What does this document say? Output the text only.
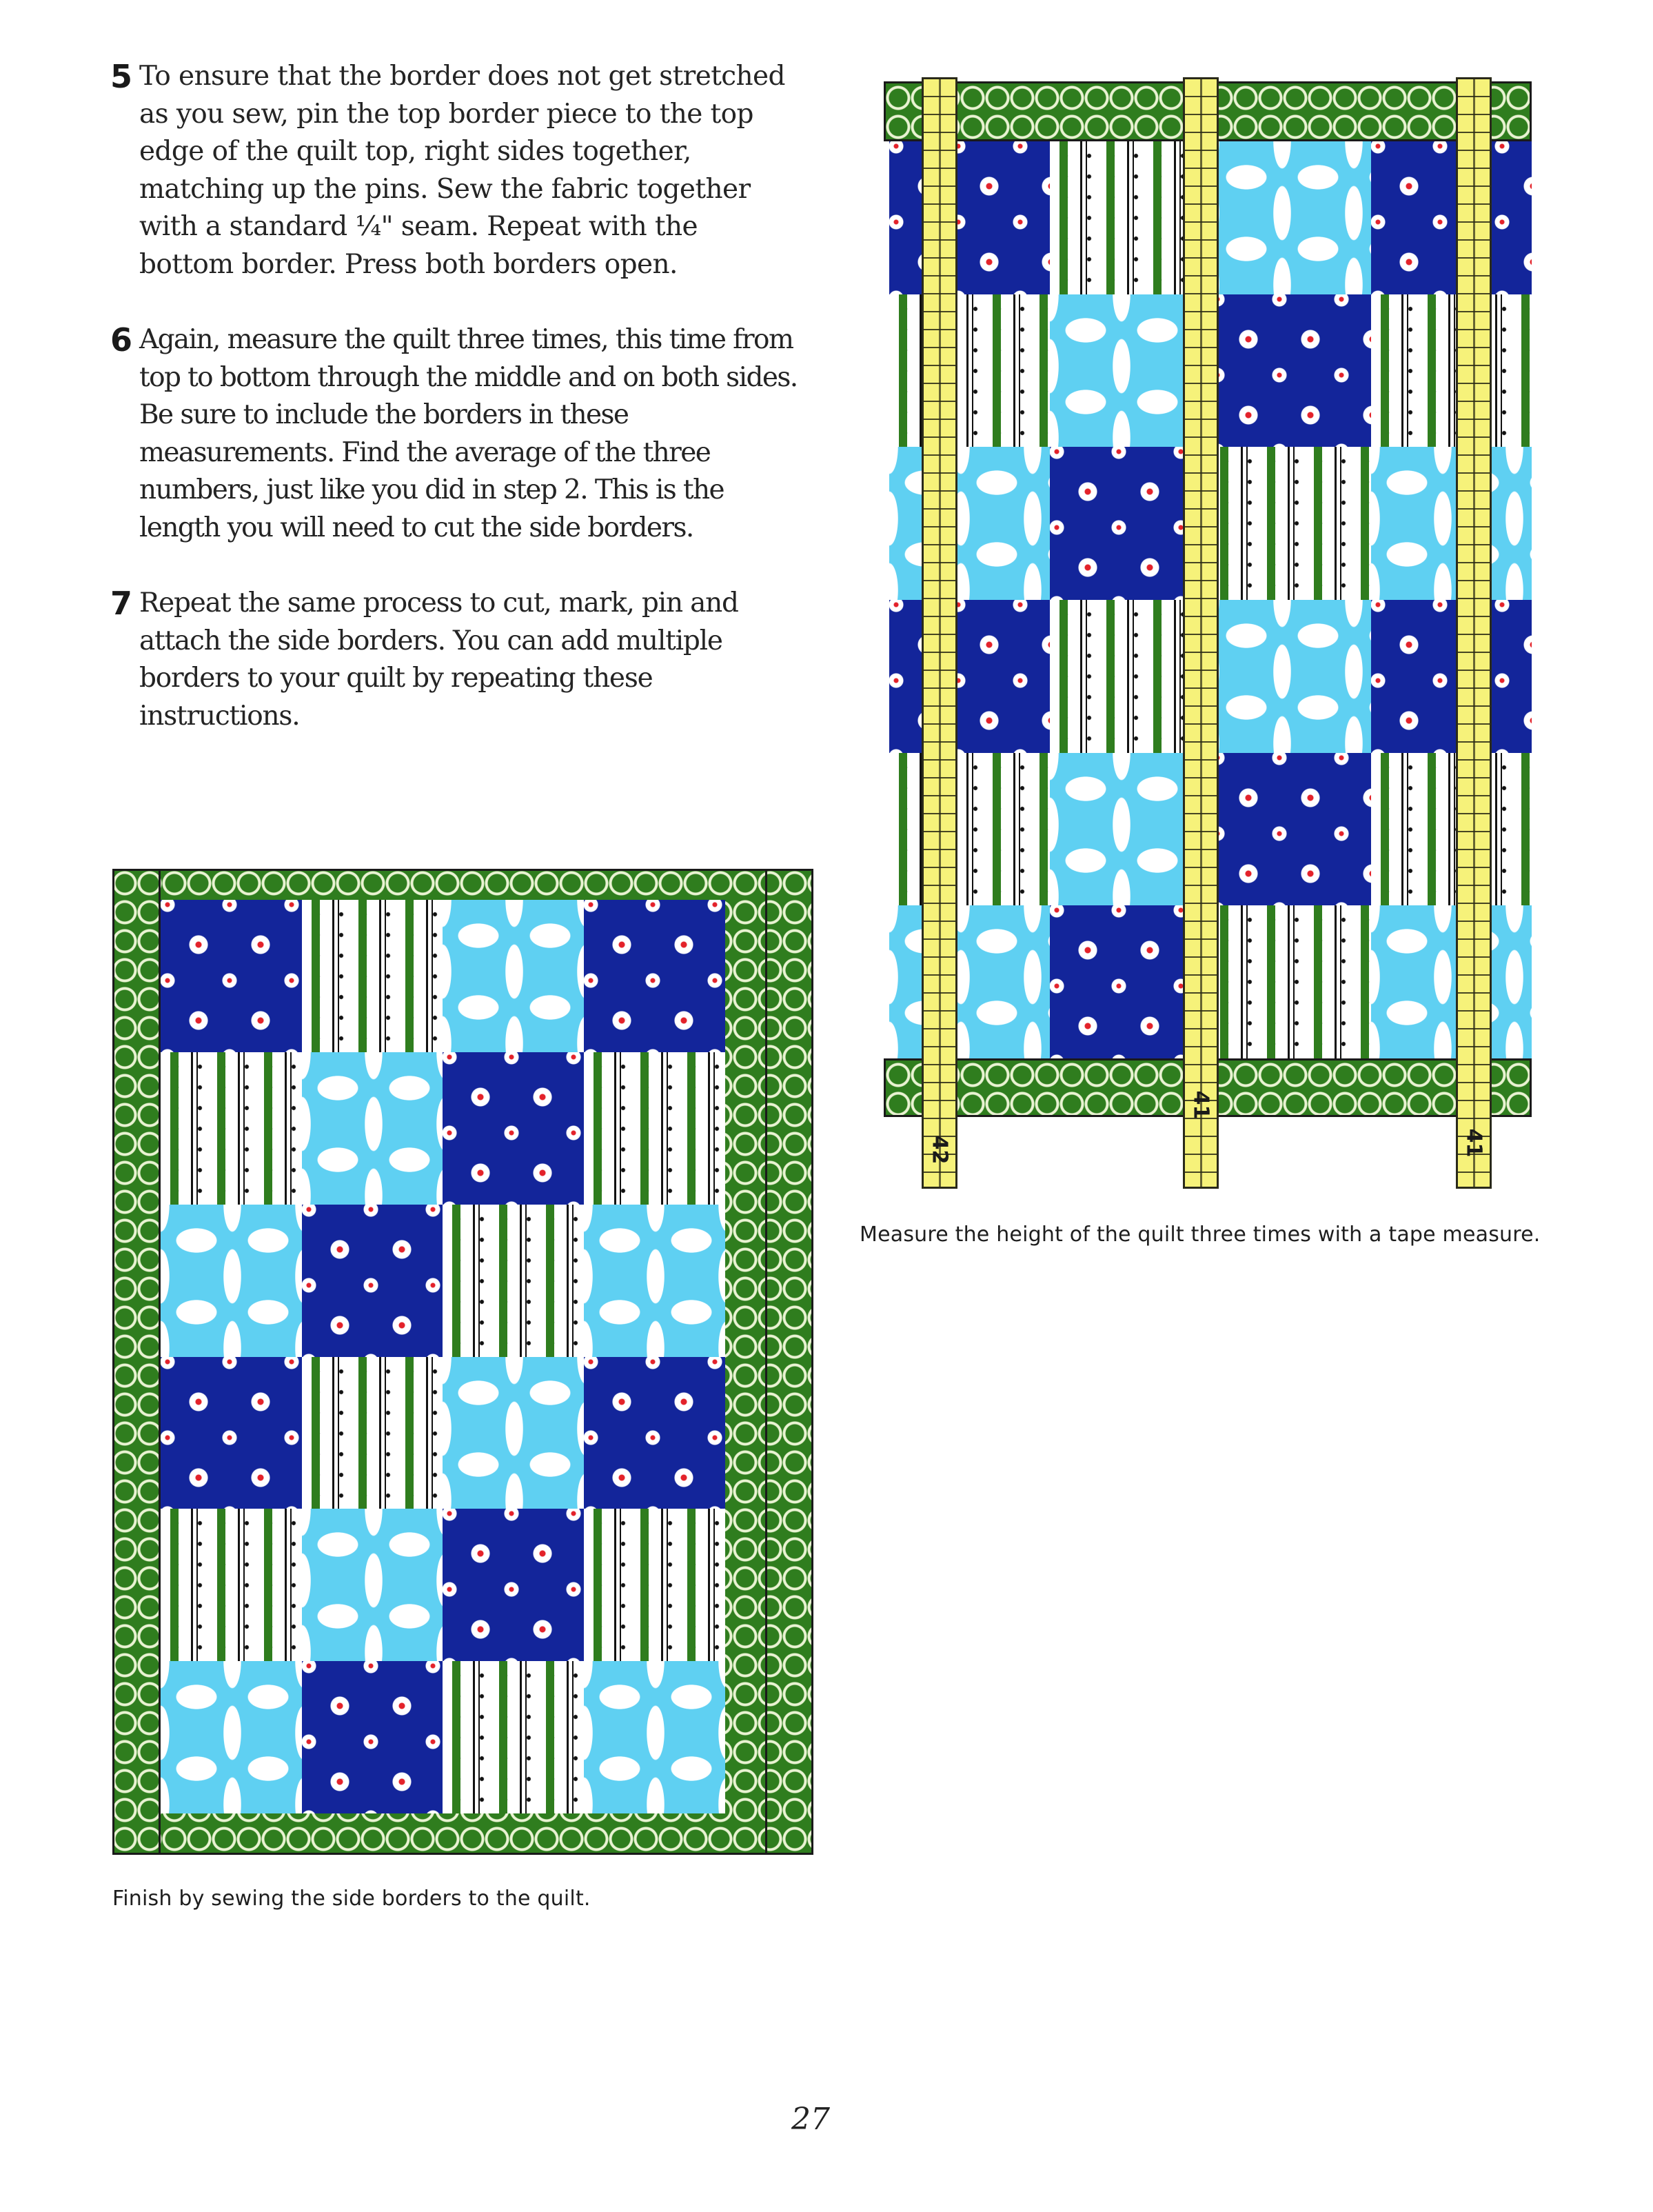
5 To ensure that the border does not get stretched as you sew, pin the top border piece to the top edge of the quilt top, right sides together, matching up the pins. Sew the fabric together with a standard ¼" seam. Repeat with the bottom border. Press both borders open.
6 Again, measure the quilt three times, this time from top to bottom through the middle and on both sides. Be sure to include the borders in these measurements. Find the average of the three numbers, just like you did in step 2. This is the length you will need to cut the side borders.
7 Repeat the same process to cut, mark, pin and attach the side borders. You can add multiple borders to your quilt by repeating these instructions.
Finish by sewing the side borders to the quilt.
42
41
41
Measure the height of the quilt three times with a tape measure.
27
